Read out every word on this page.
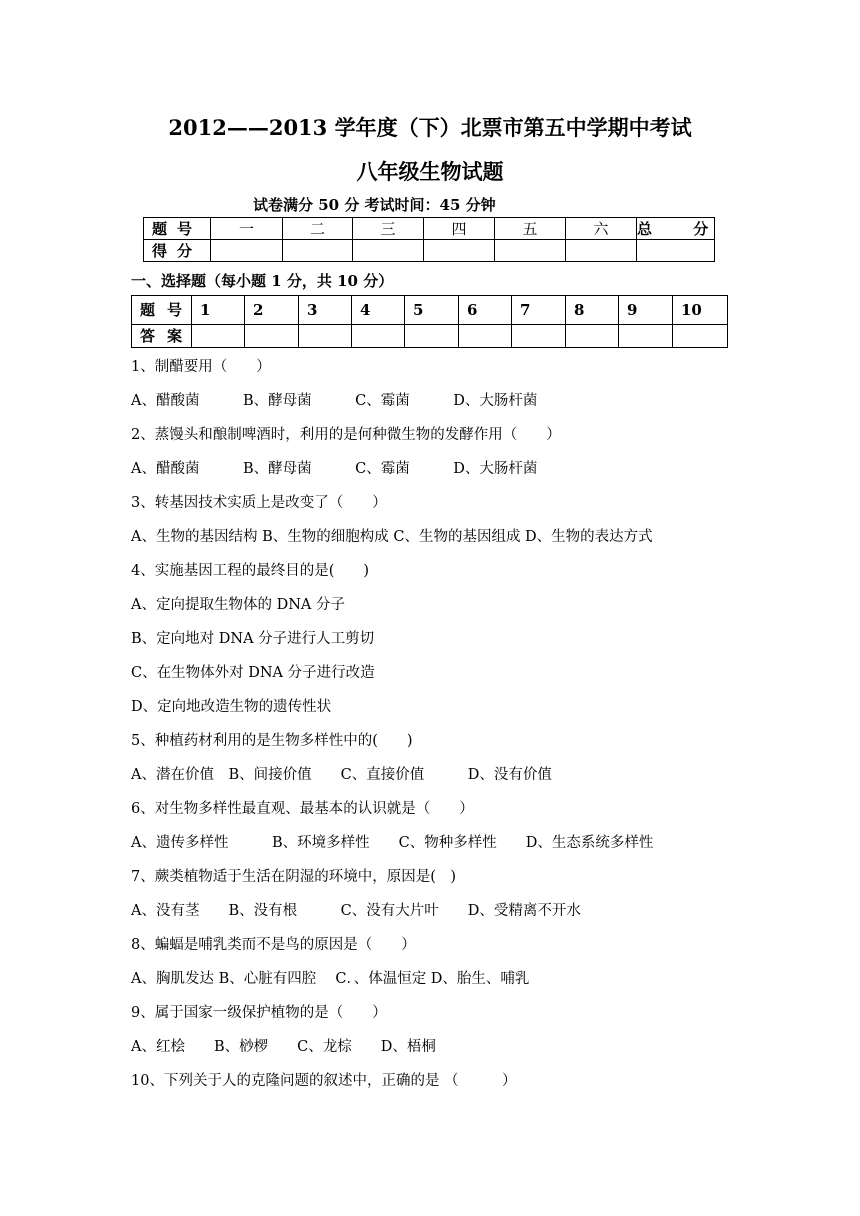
2012——2013 学年度（下）北票市第五中学期中考试
八年级生物试题
试卷满分 50 分 考试时间：45 分钟
题号	一	二	三	四	五	六	总 分
得分							
一、选择题（每小题 1 分，共 10 分）
题号	1	2	3	4	5	6	7	8	9	10
答案										
1、制醋要用（　　）
A、醋酸菌　　　B、酵母菌　　　C、霉菌　　　D、大肠杆菌
2、蒸馒头和酿制啤酒时，利用的是何种微生物的发酵作用（　　）
A、醋酸菌　　　B、酵母菌　　　C、霉菌　　　D、大肠杆菌
3、转基因技术实质上是改变了（　　）
A、生物的基因结构 B、生物的细胞构成 C、生物的基因组成 D、生物的表达方式
4、实施基因工程的最终目的是(　　)
A、定向提取生物体的 DNA 分子
B、定向地对 DNA 分子进行人工剪切
C、在生物体外对 DNA 分子进行改造
D、定向地改造生物的遗传性状
5、种植药材利用的是生物多样性中的(　　)
A、潜在价值　B、间接价值　　C、直接价值　　　D、没有价值
6、对生物多样性最直观、最基本的认识就是（　　）
A、遗传多样性　　　B、环境多样性　　C、物种多样性　　D、生态系统多样性
7、蕨类植物适于生活在阴湿的环境中，原因是(　)
A、没有茎　　B、没有根　　　C、没有大片叶　　D、受精离不开水
8、蝙蝠是哺乳类而不是鸟的原因是（　　）
A、胸肌发达 B、心脏有四腔　 C．、体温恒定 D、胎生、哺乳
9、属于国家一级保护植物的是（　　）
A、红桧　　B、桫椤　　C、龙棕　　D、梧桐
10、下列关于人的克隆问题的叙述中，正确的是 （　　　）
